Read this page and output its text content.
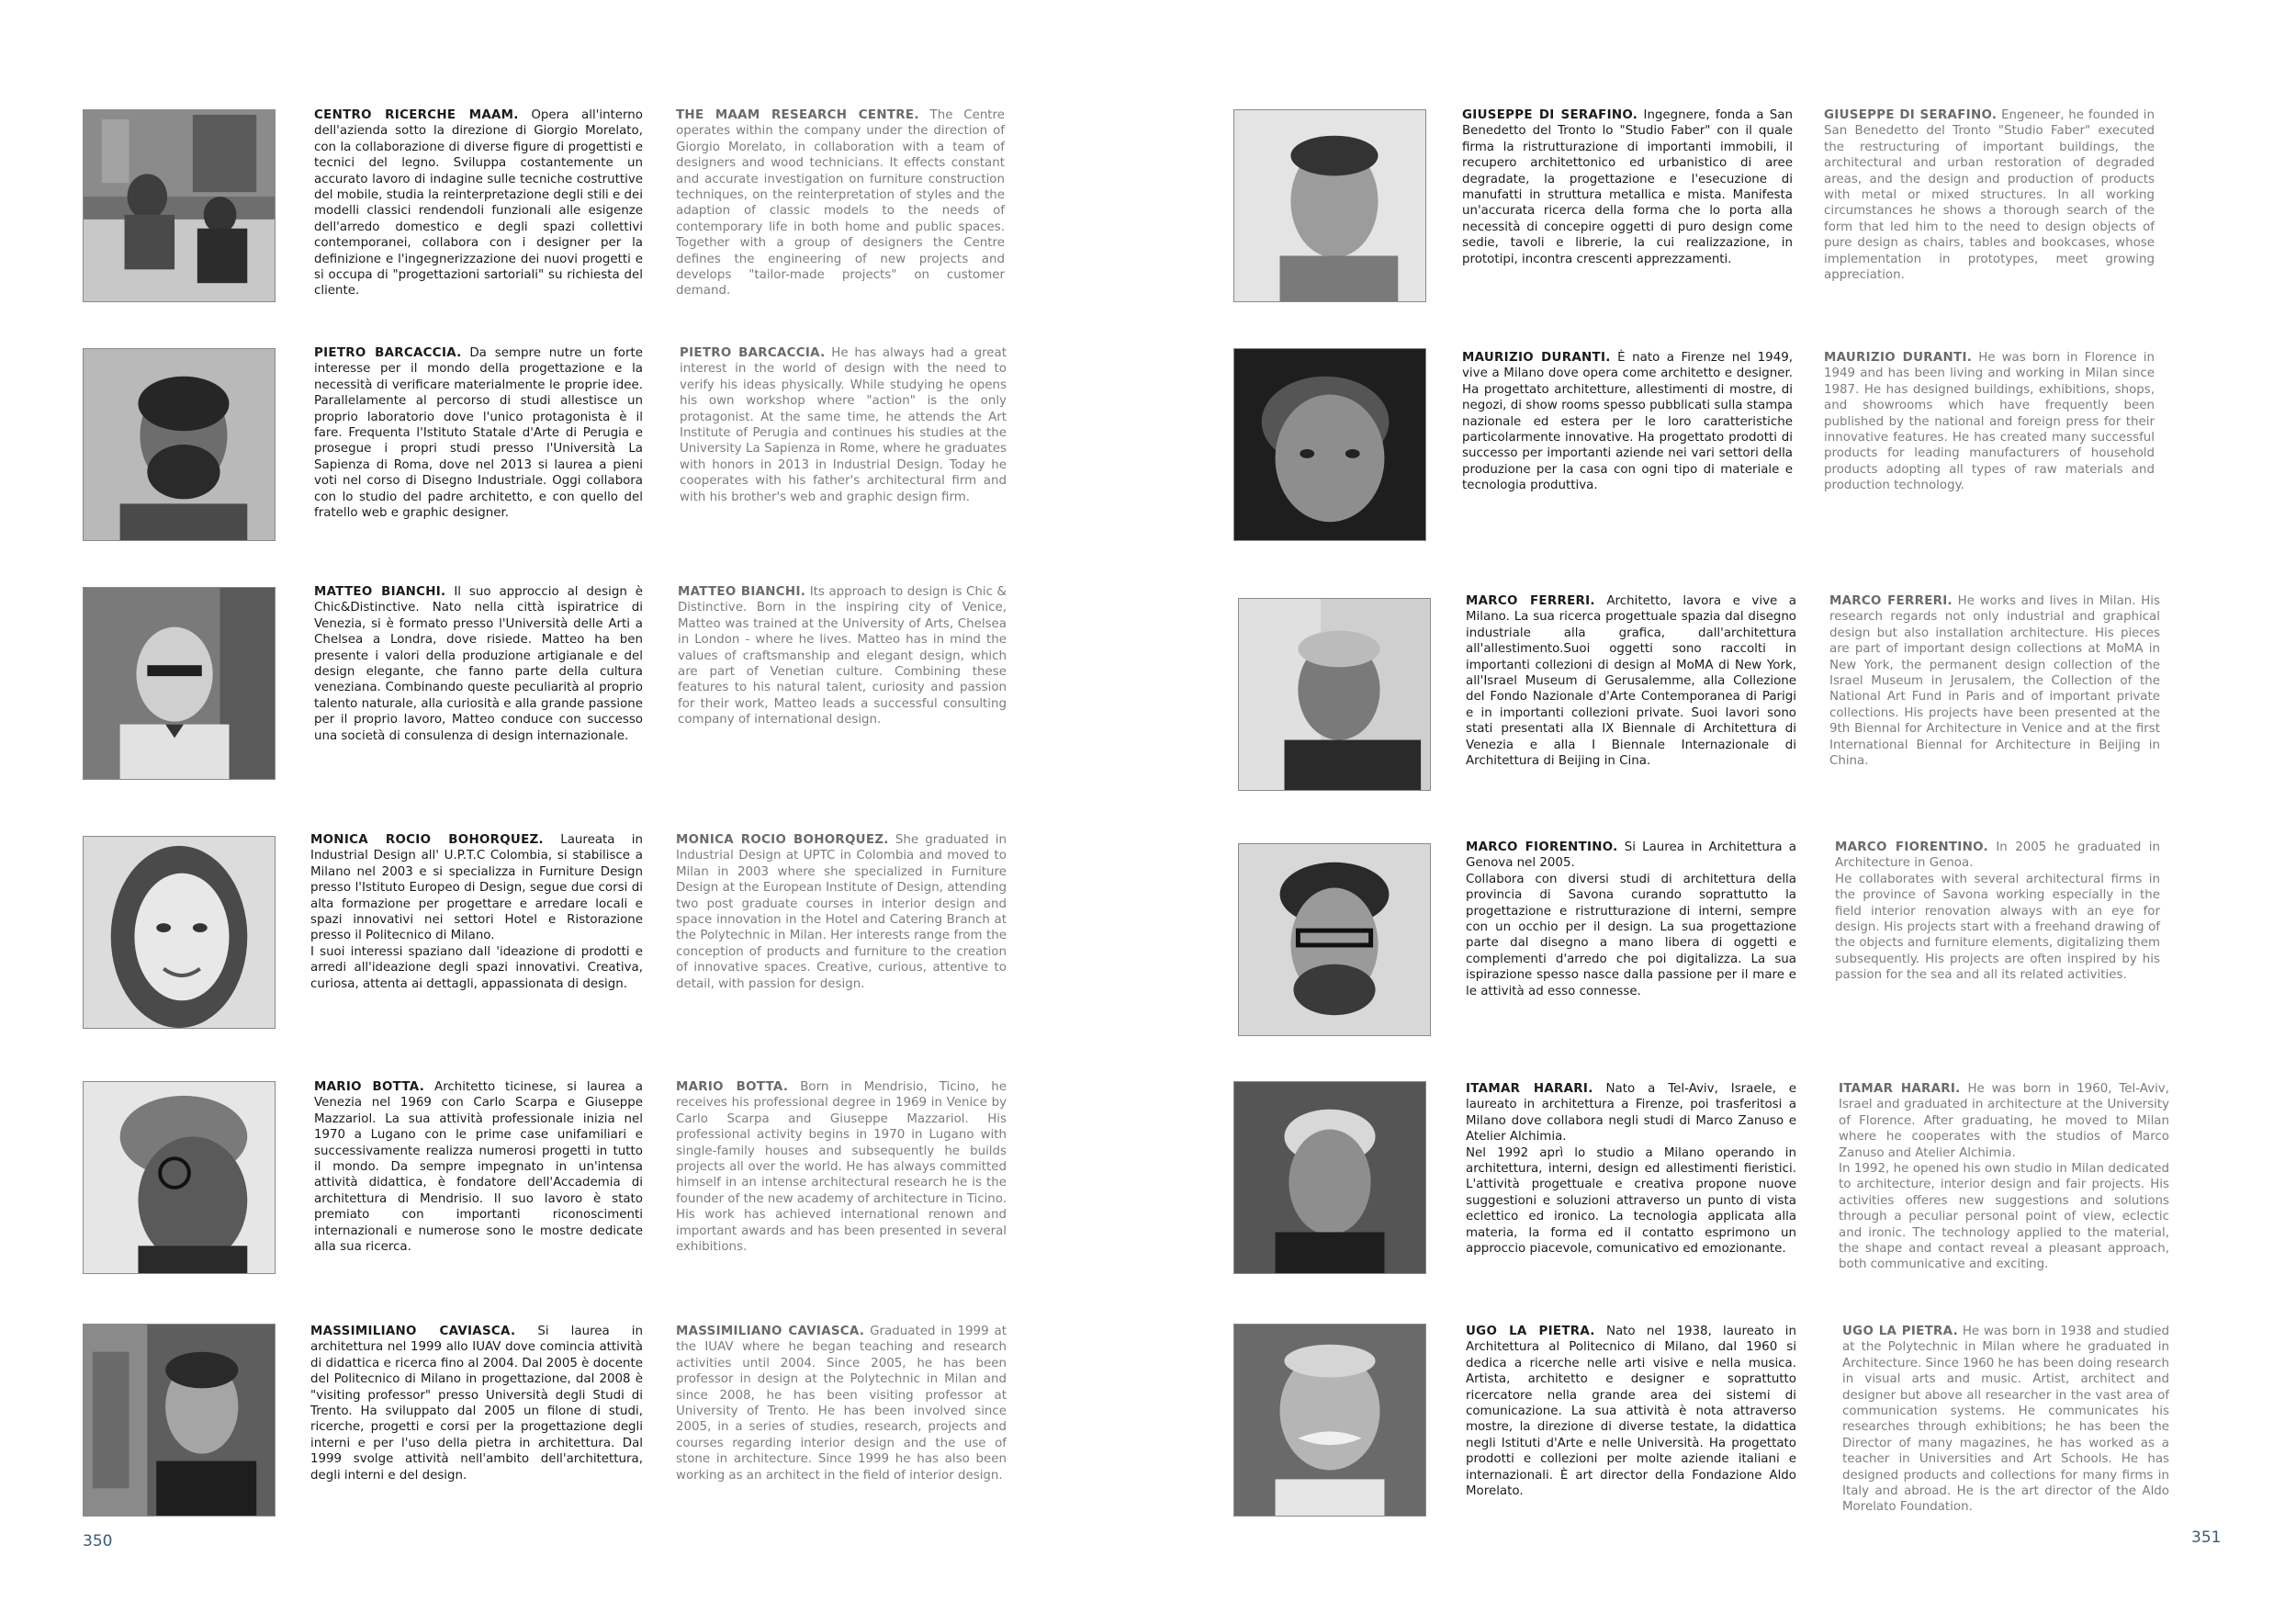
CENTRO RICERCHE MAAM. Opera all'interno dell'azienda sotto la direzione di Giorgio Morelato, con la collaborazione di diverse figure di progettisti e tecnici del legno. Sviluppa costantemente un accurato lavoro di indagine sulle tecniche costruttive del mobile, studia la reinterpretazione degli stili e dei modelli classici rendendoli funzionali alle esigenze dell'arredo domestico e degli spazi collettivi contemporanei, collabora con i designer per la definizione e l'ingegnerizzazione dei nuovi progetti e si occupa di "progettazioni sartoriali" su richiesta del cliente.

THE MAAM RESEARCH CENTRE. The Centre operates within the company under the direction of Giorgio Morelato, in collaboration with a team of designers and wood technicians. It effects constant and accurate investigation on furniture construction techniques, on the reinterpretation of styles and the adaption of classic models to the needs of contemporary life in both home and public spaces. Together with a group of designers the Centre defines the engineering of new projects and develops "tailor-made projects" on customer demand.

PIETRO BARCACCIA. Da sempre nutre un forte interesse per il mondo della progettazione e la necessità di verificare materialmente le proprie idee. Parallelamente al percorso di studi allestisce un proprio laboratorio dove l'unico protagonista è il fare. Frequenta l'Istituto Statale d'Arte di Perugia e prosegue i propri studi presso l'Università La Sapienza di Roma, dove nel 2013 si laurea a pieni voti nel corso di Disegno Industriale. Oggi collabora con lo studio del padre architetto, e con quello del fratello web e graphic designer.

PIETRO BARCACCIA. He has always had a great interest in the world of design with the need to verify his ideas physically. While studying he opens his own workshop where "action" is the only protagonist. At the same time, he attends the Art Institute of Perugia and continues his studies at the University La Sapienza in Rome, where he graduates with honors in 2013 in Industrial Design. Today he cooperates with his father's architectural firm and with his brother's web and graphic design firm.

MATTEO BIANCHI. Il suo approccio al design è Chic&Distinctive. Nato nella città ispiratrice di Venezia, si è formato presso l'Università delle Arti a Chelsea a Londra, dove risiede. Matteo ha ben presente i valori della produzione artigianale e del design elegante, che fanno parte della cultura veneziana. Combinando queste peculiarità al proprio talento naturale, alla curiosità e alla grande passione per il proprio lavoro, Matteo conduce con successo una società di consulenza di design internazionale.

MATTEO BIANCHI. Its approach to design is Chic & Distinctive. Born in the inspiring city of Venice, Matteo was trained at the University of Arts, Chelsea in London - where he lives. Matteo has in mind the values of craftsmanship and elegant design, which are part of Venetian culture. Combining these features to his natural talent, curiosity and passion for their work, Matteo leads a successful consulting company of international design.

MONICA ROCIO BOHORQUEZ. Laureata in Industrial Design all' U.P.T.C Colombia, si stabilisce a Milano nel 2003 e si specializza in Furniture Design presso l'Istituto Europeo di Design, segue due corsi di alta formazione per progettare e arredare locali e spazi innovativi nei settori Hotel e Ristorazione presso il Politecnico di Milano.
I suoi interessi spaziano dall 'ideazione di prodotti e arredi all'ideazione degli spazi innovativi. Creativa, curiosa, attenta ai dettagli, appassionata di design.

MONICA ROCIO BOHORQUEZ. She graduated in Industrial Design at UPTC in Colombia and moved to Milan in 2003 where she specialized in Furniture Design at the European Institute of Design, attending two post graduate courses in interior design and space innovation in the Hotel and Catering Branch at the Polytechnic in Milan. Her interests range from the conception of products and furniture to the creation of innovative spaces. Creative, curious, attentive to detail, with passion for design.

MARIO BOTTA. Architetto ticinese, si laurea a Venezia nel 1969 con Carlo Scarpa e Giuseppe Mazzariol. La sua attività professionale inizia nel 1970 a Lugano con le prime case unifamiliari e successivamente realizza numerosi progetti in tutto il mondo. Da sempre impegnato in un'intensa attività didattica, è fondatore dell'Accademia di architettura di Mendrisio. Il suo lavoro è stato premiato con importanti riconoscimenti internazionali e numerose sono le mostre dedicate alla sua ricerca.

MARIO BOTTA. Born in Mendrisio, Ticino, he receives his professional degree in 1969 in Venice by Carlo Scarpa and Giuseppe Mazzariol. His professional activity begins in 1970 in Lugano with single-family houses and subsequently he builds projects all over the world. He has always committed himself in an intense architectural research he is the founder of the new academy of architecture in Ticino. His work has achieved international renown and important awards and has been presented in several exhibitions.

MASSIMILIANO CAVIASCA. Si laurea in architettura nel 1999 allo IUAV dove comincia attività di didattica e ricerca fino al 2004. Dal 2005 è docente del Politecnico di Milano in progettazione, dal 2008 è "visiting professor" presso Università degli Studi di Trento. Ha sviluppato dal 2005 un filone di studi, ricerche, progetti e corsi per la progettazione degli interni e per l'uso della pietra in architettura. Dal 1999 svolge attività nell'ambito dell'architettura, degli interni e del design.

MASSIMILIANO CAVIASCA. Graduated in 1999 at the IUAV where he began teaching and research activities until 2004. Since 2005, he has been professor in design at the Polytechnic in Milan and since 2008, he has been visiting professor at University of Trento. He has been involved since 2005, in a series of studies, research, projects and courses regarding interior design and the use of stone in architecture. Since 1999 he has also been working as an architect in the field of interior design.

350

GIUSEPPE DI SERAFINO. Ingegnere, fonda a San Benedetto del Tronto lo "Studio Faber" con il quale firma la ristrutturazione di importanti immobili, il recupero architettonico ed urbanistico di aree degradate, la progettazione e l'esecuzione di manufatti in struttura metallica e mista. Manifesta un'accurata ricerca della forma che lo porta alla necessità di concepire oggetti di puro design come sedie, tavoli e librerie, la cui realizzazione, in prototipi, incontra crescenti apprezzamenti.

GIUSEPPE DI SERAFINO. Engeneer, he founded in San Benedetto del Tronto "Studio Faber" executed the restructuring of important buildings, the architectural and urban restoration of degraded areas, and the design and production of products with metal or mixed structures. In all working circumstances he shows a thorough search of the form that led him to the need to design objects of pure design as chairs, tables and bookcases, whose implementation in prototypes, meet growing appreciation.

MAURIZIO DURANTI. È nato a Firenze nel 1949, vive a Milano dove opera come architetto e designer. Ha progettato architetture, allestimenti di mostre, di negozi, di show rooms spesso pubblicati sulla stampa nazionale ed estera per le loro caratteristiche particolarmente innovative. Ha progettato prodotti di successo per importanti aziende nei vari settori della produzione per la casa con ogni tipo di materiale e tecnologia produttiva.

MAURIZIO DURANTI. He was born in Florence in 1949 and has been living and working in Milan since 1987. He has designed buildings, exhibitions, shops, and showrooms which have frequently been published by the national and foreign press for their innovative features. He has created many successful products for leading manufacturers of household products adopting all types of raw materials and production technology.

MARCO FERRERI. Architetto, lavora e vive a Milano. La sua ricerca progettuale spazia dal disegno industriale alla grafica, dall'architettura all'allestimento.Suoi oggetti sono raccolti in importanti collezioni di design al MoMA di New York, all'Israel Museum di Gerusalemme, alla Collezione del Fondo Nazionale d'Arte Contemporanea di Parigi e in importanti collezioni private. Suoi lavori sono stati presentati alla IX Biennale di Architettura di Venezia e alla I Biennale Internazionale di Architettura di Beijing in Cina.

MARCO FERRERI. He works and lives in Milan. His research regards not only industrial and graphical design but also installation architecture. His pieces are part of important design collections at MoMA in New York, the permanent design collection of the Israel Museum in Jerusalem, the Collection of the National Art Fund in Paris and of important private collections. His projects have been presented at the 9th Biennal for Architecture in Venice and at the first International Biennal for Architecture in Beijing in China.

MARCO FIORENTINO. Si Laurea in Architettura a Genova nel 2005.
Collabora con diversi studi di architettura della provincia di Savona curando soprattutto la progettazione e ristrutturazione di interni, sempre con un occhio per il design. La sua progettazione parte dal disegno a mano libera di oggetti e complementi d'arredo che poi digitalizza. La sua ispirazione spesso nasce dalla passione per il mare e le attività ad esso connesse.

MARCO FIORENTINO. In 2005 he graduated in Architecture in Genoa.
He collaborates with several architectural firms in the province of Savona working especially in the field interior renovation always with an eye for design. His projects start with a freehand drawing of the objects and furniture elements, digitalizing them subsequently. His projects are often inspired by his passion for the sea and all its related activities.

ITAMAR HARARI. Nato a Tel-Aviv, Israele, e laureato in architettura a Firenze, poi trasferitosi a Milano dove collabora negli studi di Marco Zanuso e Atelier Alchimia.
Nel 1992 aprì lo studio a Milano operando in architettura, interni, design ed allestimenti fieristici. L'attività progettuale e creativa propone nuove suggestioni e soluzioni attraverso un punto di vista eclettico ed ironico. La tecnologia applicata alla materia, la forma ed il contatto esprimono un approccio piacevole, comunicativo ed emozionante.

ITAMAR HARARI. He was born in 1960, Tel-Aviv, Israel and graduated in architecture at the University of Florence. After graduating, he moved to Milan where he cooperates with the studios of Marco Zanuso and Atelier Alchimia.
In 1992, he opened his own studio in Milan dedicated to architecture, interior design and fair projects. His activities offeres new suggestions and solutions through a peculiar personal point of view, eclectic and ironic. The technology applied to the material, the shape and contact reveal a pleasant approach, both communicative and exciting.

UGO LA PIETRA. Nato nel 1938, laureato in Architettura al Politecnico di Milano, dal 1960 si dedica a ricerche nelle arti visive e nella musica. Artista, architetto e designer e soprattutto ricercatore nella grande area dei sistemi di comunicazione. La sua attività è nota attraverso mostre, la direzione di diverse testate, la didattica negli Istituti d'Arte e nelle Università. Ha progettato prodotti e collezioni per molte aziende italiani e internazionali. È art director della Fondazione Aldo Morelato.

UGO LA PIETRA. He was born in 1938 and studied at the Polytechnic in Milan where he graduated in Architecture. Since 1960 he has been doing research in visual arts and music. Artist, architect and designer but above all researcher in the vast area of communication systems. He communicates his researches through exhibitions; he has been the Director of many magazines, he has worked as a teacher in Universities and Art Schools. He has designed products and collections for many firms in Italy and abroad. He is the art director of the Aldo Morelato Foundation.

351
